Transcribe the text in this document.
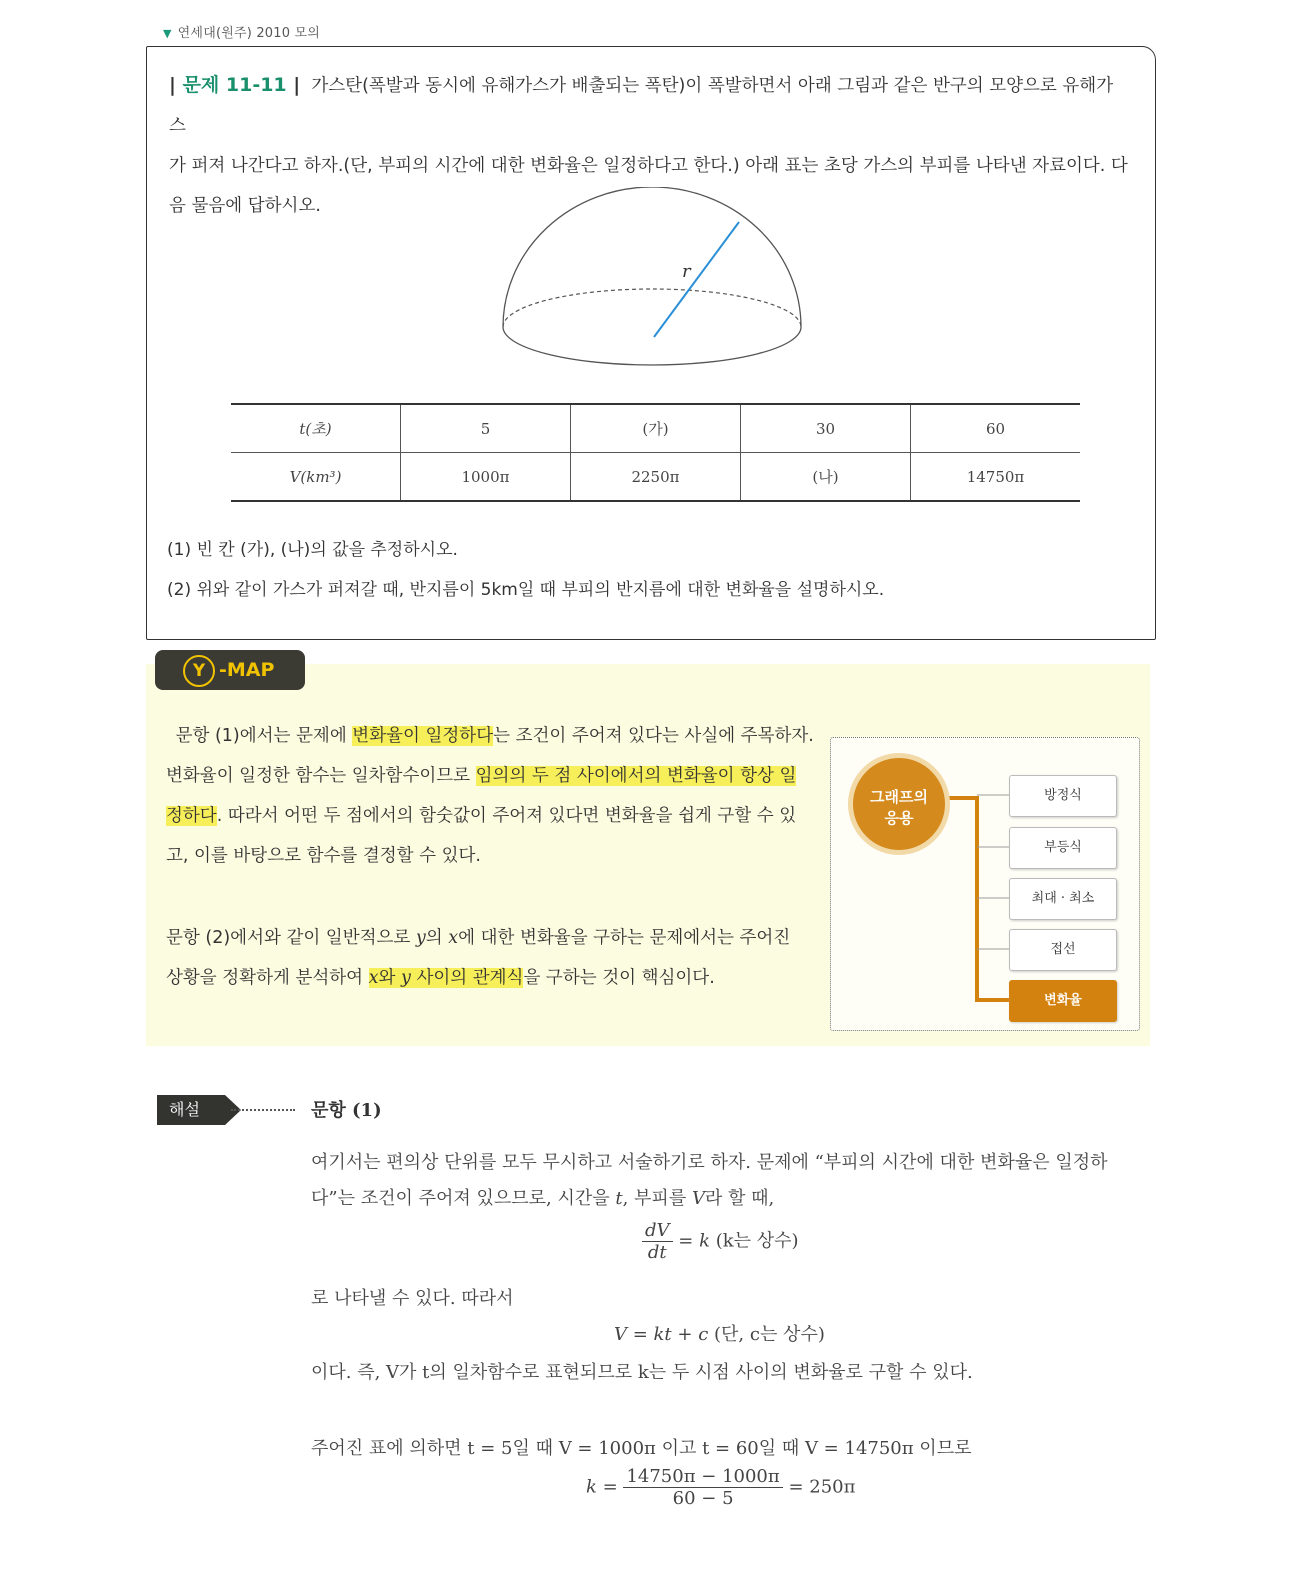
▼ 연세대(원주) 2010 모의
| 문제 11-11 | 가스탄(폭발과 동시에 유해가스가 배출되는 폭탄)이 폭발하면서 아래 그림과 같은 반구의 모양으로 유해가스
가 퍼져 나간다고 하자.(단, 부피의 시간에 대한 변화율은 일정하다고 한다.) 아래 표는 초당 가스의 부피를 나타낸 자료이다. 다
음 물음에 답하시오.
r
t(초)	5	(가)	30	60
V(km³)	1000π	2250π	(나)	14750π
(1) 빈 칸 (가), (나)의 값을 추정하시오.
(2) 위와 같이 가스가 퍼져갈 때, 반지름이 5km일 때 부피의 반지름에 대한 변화율을 설명하시오.
Y -MAP
문항 (1)에서는 문제에 변화율이 일정하다는 조건이 주어져 있다는 사실에 주목하자.
변화율이 일정한 함수는 일차함수이므로 임의의 두 점 사이에서의 변화율이 항상 일
정하다. 따라서 어떤 두 점에서의 함숫값이 주어져 있다면 변화율을 쉽게 구할 수 있
고, 이를 바탕으로 함수를 결정할 수 있다.
문항 (2)에서와 같이 일반적으로 y의 x에 대한 변화율을 구하는 문제에서는 주어진
상황을 정확하게 분석하여 x와 y 사이의 관계식을 구하는 것이 핵심이다.
그래프의
응용
방정식
부등식
최대 · 최소
접선
변화율
해설	문항 (1)
여기서는 편의상 단위를 모두 무시하고 서술하기로 하자. 문제에 “부피의 시간에 대한 변화율은 일정하
다”는 조건이 주어져 있으므로, 시간을 t, 부피를 V라 할 때,
$\frac{dV}{dt} = k$ (k는 상수)
로 나타낼 수 있다. 따라서
V = kt + c (단, c는 상수)
이다. 즉, V가 t의 일차함수로 표현되므로 k는 두 시점 사이의 변화율로 구할 수 있다.
주어진 표에 의하면 t = 5일 때 V = 1000π 이고 t = 60일 때 V = 14750π 이므로
$k = \frac{14750\pi - 1000\pi}{60 - 5} = 250\pi$
